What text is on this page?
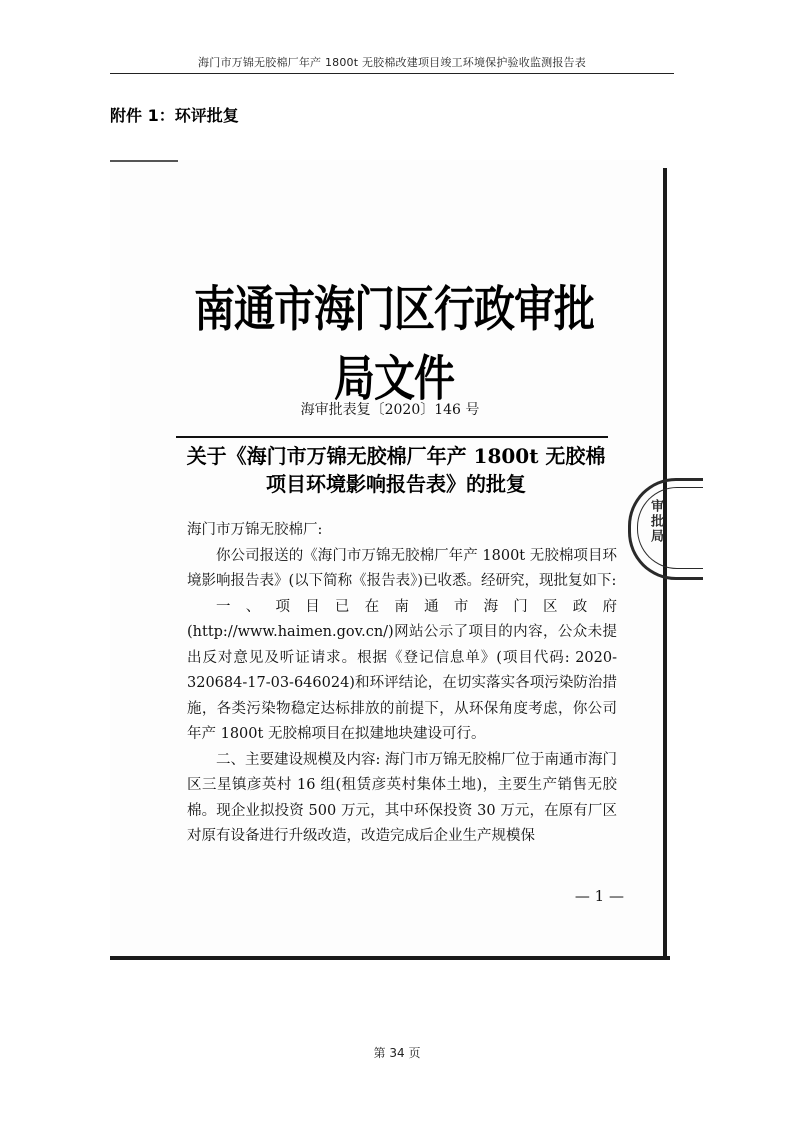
海门市万锦无胶棉厂年产 1800t 无胶棉改建项目竣工环境保护验收监测报告表
附件 1：环评批复
审批局
南通市海门区行政审批局文件
海审批表复〔2020〕146 号
关于《海门市万锦无胶棉厂年产 1800t 无胶棉
项目环境影响报告表》的批复

海门市万锦无胶棉厂:

你公司报送的《海门市万锦无胶棉厂年产 1800t 无胶棉项目环境影响报告表》(以下简称《报告表》)已收悉。经研究，现批复如下:

一、项目已在南通市海门区政府(http://www.haimen.gov.cn/)网站公示了项目的内容，公众未提出反对意见及听证请求。根据《登记信息单》(项目代码: 2020-320684-17-03-646024)和环评结论，在切实落实各项污染防治措施，各类污染物稳定达标排放的前提下，从环保角度考虑，你公司年产 1800t 无胶棉项目在拟建地块建设可行。

二、主要建设规模及内容: 海门市万锦无胶棉厂位于南通市海门区三星镇彦英村 16 组(租赁彦英村集体土地)，主要生产销售无胶棉。现企业拟投资 500 万元，其中环保投资 30 万元，在原有厂区对原有设备进行升级改造，改造完成后企业生产规模保

— 1 —
第 34 页
